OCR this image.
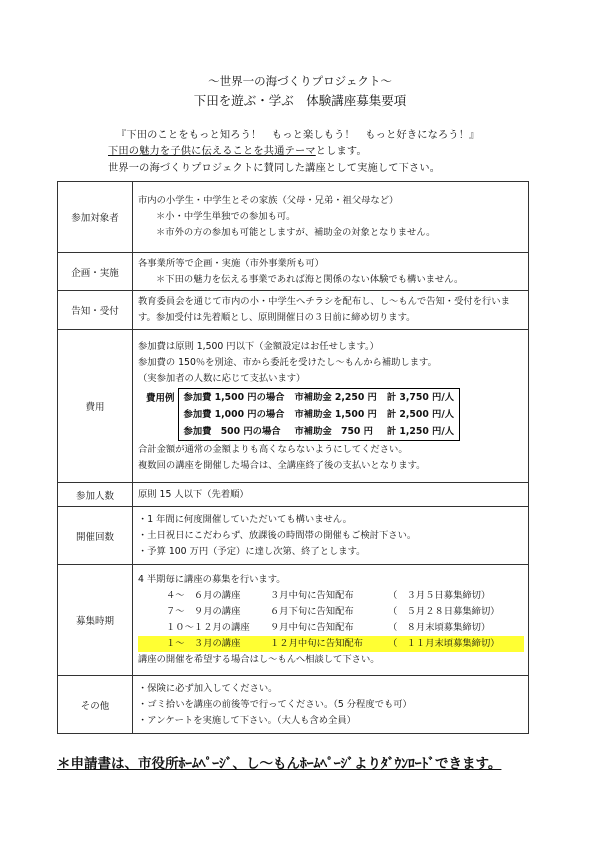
～世界一の海づくりプロジェクト～
下田を遊ぶ・学ぶ　体験講座募集要項
『下田のことをもっと知ろう！　もっと楽しもう！　もっと好きになろう！』
下田の魅力を子供に伝えることを共通テーマとします。
世界一の海づくりプロジェクトに賛同した講座として実施して下さい。
参加対象者	
市内の小学生・中学生とその家族（父母・兄弟・祖父母など）
＊小・中学生単独での参加も可。
＊市外の方の参加も可能としますが、補助金の対象となりません。

企画・実施	
各事業所等で企画・実施（市外事業所も可）
＊下田の魅力を伝える事業であれば海と関係のない体験でも構いません。

告知・受付	
教育委員会を通じて市内の小・中学生へチラシを配布し、し～もんで告知・受付を行いま
す。参加受付は先着順とし、原則開催日の３日前に締め切ります。

費用	
参加費は原則 1,500 円以下（金額設定はお任せします。）
参加費の 150％を別途、市から委託を受けたし～もんから補助します。
（実参加者の人数に応じて支払います）
費用例 参加費 1,500 円の場合	市補助金 2,250 円	計 3,750 円/人
参加費 1,000 円の場合	市補助金 1,500 円	計 2,500 円/人
参加費　500 円の場合	市補助金　750 円	計 1,250 円/人
合計金額が通常の金額よりも高くならないようにしてください。
複数回の講座を開催した場合は、全講座終了後の支払いとなります。

参加人数	原則 15 人以下（先着順）

開催回数	
・1 年間に何度開催していただいても構いません。
・土日祝日にこだわらず、放課後の時間帯の開催もご検討下さい。
・予算 100 万円（予定）に達し次第、終了とします。

募集時期	
4 半期毎に講座の募集を行います。
４～　６月の講座	３月中旬に告知配布	（　３月５日募集締切）
７～　９月の講座	６月下旬に告知配布	（　５月２８日募集締切）
１０～１２月の講座	９月中旬に告知配布	（　８月末頃募集締切）
１～　３月の講座	１２月中旬に告知配布	（　１１月末頃募集締切）
講座の開催を希望する場合はし～もんへ相談して下さい。

その他	
・保険に必ず加入してください。
・ゴミ拾いを講座の前後等で行ってください。（5 分程度でも可）
・アンケートを実施して下さい。（大人も含め全員）
＊申請書は、市役所ﾎｰﾑﾍﾟｰｼﾞ、し～もんﾎｰﾑﾍﾟｰｼﾞよりﾀﾞｳﾝﾛｰﾄﾞできます。
